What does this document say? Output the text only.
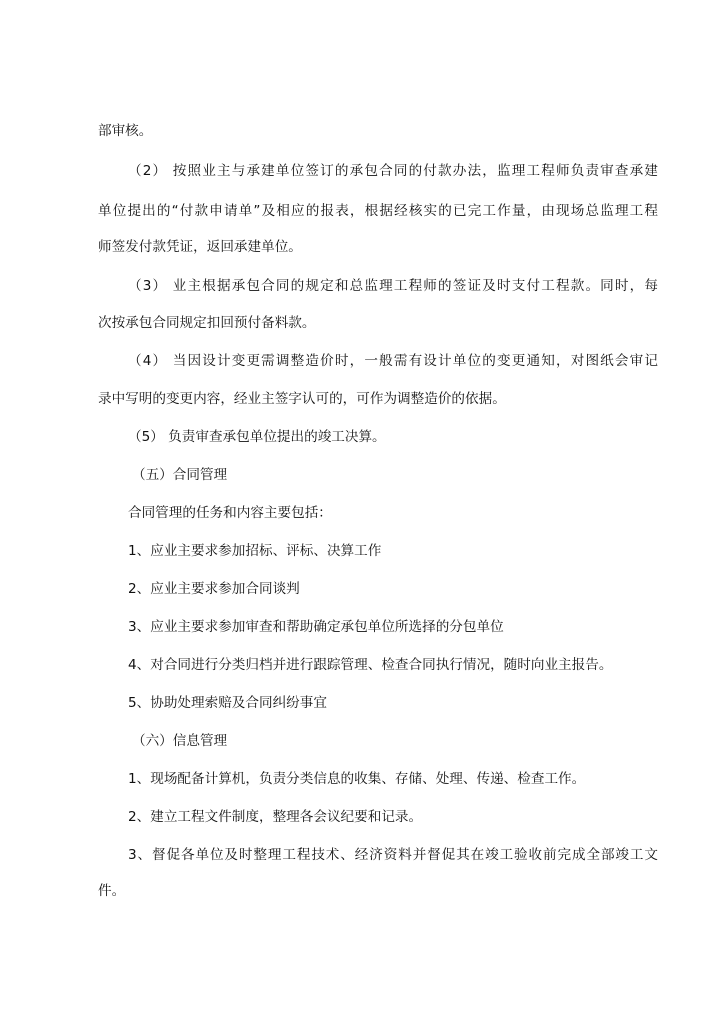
部审核。
（2） 按照业主与承建单位签订的承包合同的付款办法，监理工程师负责审查承建
单位提出的“付款申请单”及相应的报表，根据经核实的已完工作量，由现场总监理工程
师签发付款凭证，返回承建单位。
（3） 业主根据承包合同的规定和总监理工程师的签证及时支付工程款。同时，每
次按承包合同规定扣回预付备料款。
（4） 当因设计变更需调整造价时，一般需有设计单位的变更通知，对图纸会审记
录中写明的变更内容，经业主签字认可的，可作为调整造价的依据。
（5） 负责审查承包单位提出的竣工决算。
（五）合同管理
合同管理的任务和内容主要包括：
1、应业主要求参加招标、评标、决算工作
2、应业主要求参加合同谈判
3、应业主要求参加审查和帮助确定承包单位所选择的分包单位
4、对合同进行分类归档并进行跟踪管理、检查合同执行情况，随时向业主报告。
5、协助处理索赔及合同纠纷事宜
（六）信息管理
1、现场配备计算机，负责分类信息的收集、存储、处理、传递、检查工作。
2、建立工程文件制度，整理各会议纪要和记录。
3、督促各单位及时整理工程技术、经济资料并督促其在竣工验收前完成全部竣工文
件。
